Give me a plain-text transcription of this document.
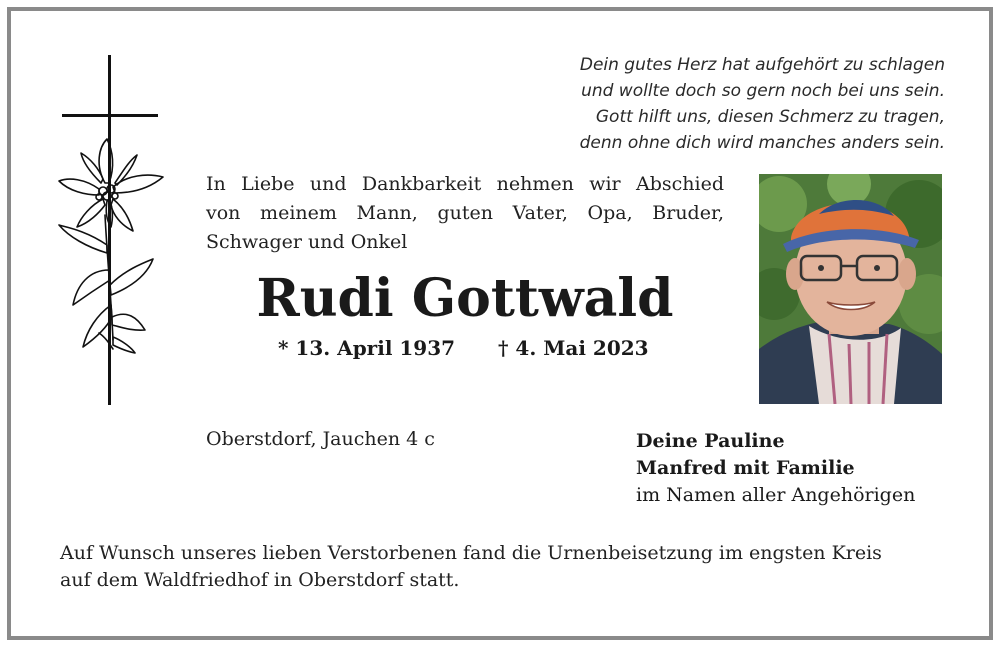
Dein gutes Herz hat aufgehört zu schlagen
und wollte doch so gern noch bei uns sein.
Gott hilft uns, diesen Schmerz zu tragen,
denn ohne dich wird manches anders sein.
In Liebe und Dankbarkeit nehmen wir Abschied
von meinem Mann, guten Vater, Opa, Bruder,
Schwager und Onkel
Rudi Gottwald
* 13. April 1937 † 4. Mai 2023
Oberstdorf, Jauchen 4 c	Deine Pauline
Manfred mit Familie
im Namen aller Angehörigen
Auf Wunsch unseres lieben Verstorbenen fand die Urnenbeisetzung im engsten Kreis
auf dem Waldfriedhof in Oberstdorf statt.
